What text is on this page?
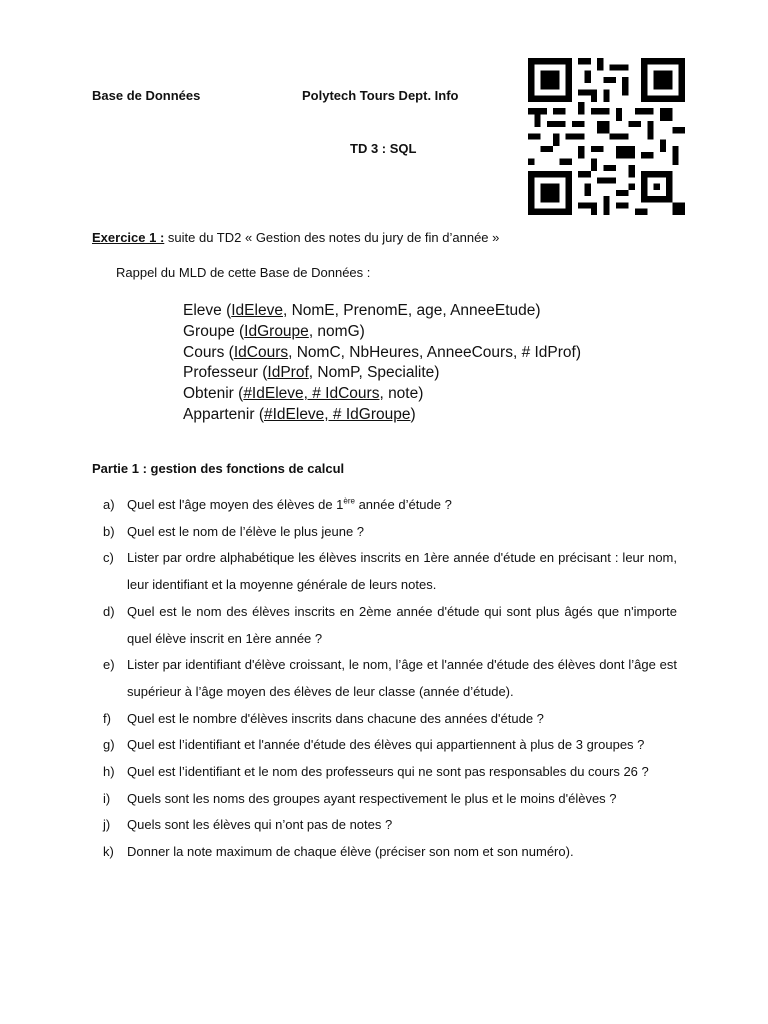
Base de Données	Polytech Tours Dept. Info
TD 3 : SQL
Exercice 1 : suite du TD2 « Gestion des notes du jury de fin d’année »
Rappel du MLD de cette Base de Données :
Eleve (IdEleve, NomE, PrenomE, age, AnneeEtude)
Groupe (IdGroupe, nomG)
Cours (IdCours, NomC, NbHeures, AnneeCours, # IdProf)
Professeur (IdProf, NomP, Specialite)
Obtenir (#IdEleve, # IdCours, note)
Appartenir (#IdEleve, # IdGroupe)
Partie 1 : gestion des fonctions de calcul
a) Quel est l'âge moyen des élèves de 1ère année d’étude ?
b) Quel est le nom de l’élève le plus jeune ?
c)	Lister par ordre alphabétique les élèves inscrits en 1ère année d'étude en précisant : leur nom, leur identifiant et la moyenne générale de leurs notes.
d) Quel est le nom des élèves inscrits en 2ème année d'étude qui sont plus âgés que n'importe quel élève inscrit en 1ère année ?
e) Lister par identifiant d'élève croissant, le nom, l’âge et l'année d'étude des élèves dont l’âge est supérieur à l’âge moyen des élèves de leur classe (année d’étude).
f)	Quel est le nombre d'élèves inscrits dans chacune des années d'étude ?
g) Quel est l’identifiant et l'année d'étude des élèves qui appartiennent à plus de 3 groupes ?
h) Quel est l’identifiant et le nom des professeurs qui ne sont pas responsables du cours 26 ?
i)	Quels sont les noms des groupes ayant respectivement le plus et le moins d'élèves ?
j)	Quels sont les élèves qui n’ont pas de notes ?
k)	Donner la note maximum de chaque élève (préciser son nom et son numéro).
